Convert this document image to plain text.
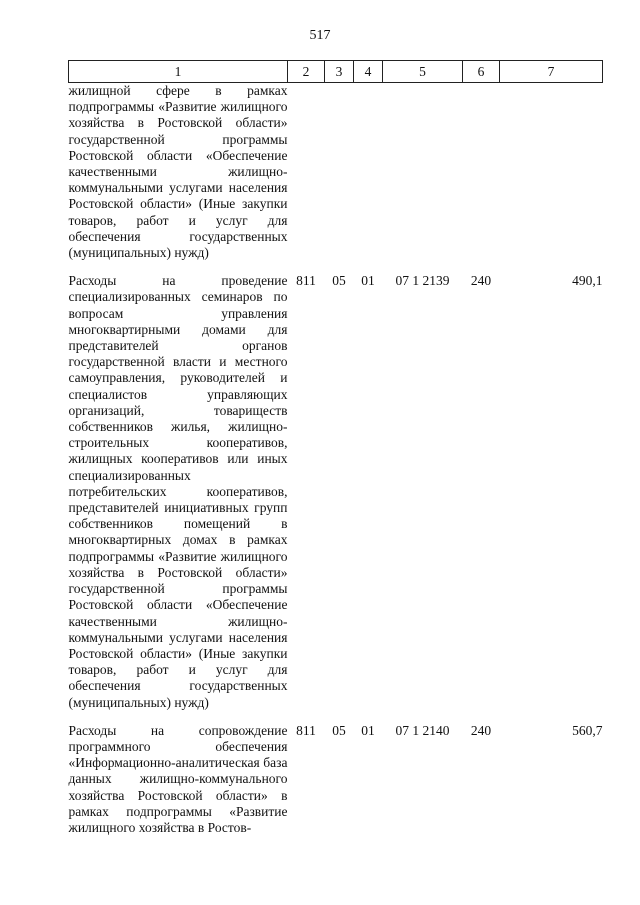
517
1	2	3	4	5	6	7
жилищной сфере в рамках подпрограммы «Развитие жилищного хозяйства в Ростовской области» государственной программы Ростовской области «Обеспечение качественными жилищно-коммунальными услугами населения Ростовской области» (Иные закупки товаров, работ и услуг для обеспечения государственных (муниципальных) нужд)						
Расходы на проведение специализированных семинаров по вопросам управления многоквартирными домами для представителей органов государственной власти и местного самоуправления, руководителей и специалистов управляющих организаций, товариществ собственников жилья, жилищно-строительных кооперативов, жилищных кооперативов или иных специализированных потребительских кооперативов, представителей инициативных групп собственников помещений в многоквартирных домах в рамках подпрограммы «Развитие жилищного хозяйства в Ростовской области» государственной программы Ростовской области «Обеспечение качественными жилищно-коммунальными услугами населения Ростовской области» (Иные закупки товаров, работ и услуг для обеспечения государственных (муниципальных) нужд)	811	05	01	07 1 2139	240	490,1
Расходы на сопровождение программного обеспечения «Информационно-аналитическая база данных жилищно-коммунального хозяйства Ростовской области» в рамках подпрограммы «Развитие жилищного хозяйства в Ростов-	811	05	01	07 1 2140	240	560,7
